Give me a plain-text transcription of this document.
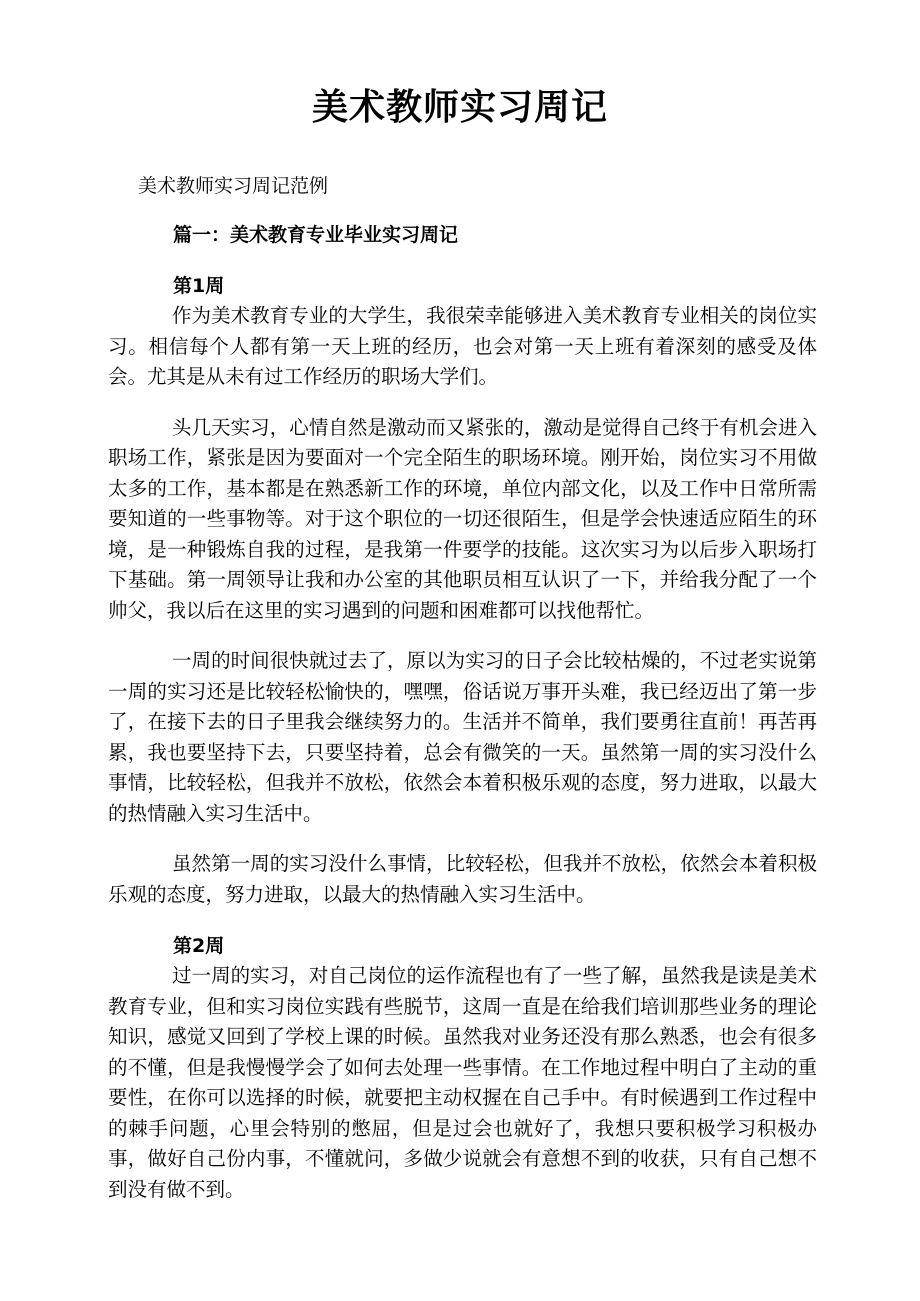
美术教师实习周记
美术教师实习周记范例
篇一：美术教育专业毕业实习周记
第1周

作为美术教育专业的大学生，我很荣幸能够进入美术教育专业相关的岗位实习。相信每个人都有第一天上班的经历，也会对第一天上班有着深刻的感受及体会。尤其是从未有过工作经历的职场大学们。

头几天实习，心情自然是激动而又紧张的，激动是觉得自己终于有机会进入职场工作，紧张是因为要面对一个完全陌生的职场环境。刚开始，岗位实习不用做太多的工作，基本都是在熟悉新工作的环境，单位内部文化，以及工作中日常所需要知道的一些事物等。对于这个职位的一切还很陌生，但是学会快速适应陌生的环境，是一种锻炼自我的过程，是我第一件要学的技能。这次实习为以后步入职场打下基础。第一周领导让我和办公室的其他职员相互认识了一下，并给我分配了一个帅父，我以后在这里的实习遇到的问题和困难都可以找他帮忙。

一周的时间很快就过去了，原以为实习的日子会比较枯燥的，不过老实说第一周的实习还是比较轻松愉快的，嘿嘿，俗话说万事开头难，我已经迈出了第一步了，在接下去的日子里我会继续努力的。生活并不简单，我们要勇往直前！再苦再累，我也要坚持下去，只要坚持着，总会有微笑的一天。虽然第一周的实习没什么事情，比较轻松，但我并不放松，依然会本着积极乐观的态度，努力进取，以最大的热情融入实习生活中。

虽然第一周的实习没什么事情，比较轻松，但我并不放松，依然会本着积极乐观的态度，努力进取，以最大的热情融入实习生活中。

第2周

过一周的实习，对自己岗位的运作流程也有了一些了解，虽然我是读是美术教育专业，但和实习岗位实践有些脱节，这周一直是在给我们培训那些业务的理论知识，感觉又回到了学校上课的时候。虽然我对业务还没有那么熟悉，也会有很多的不懂，但是我慢慢学会了如何去处理一些事情。在工作地过程中明白了主动的重要性，在你可以选择的时候，就要把主动权握在自己手中。有时候遇到工作过程中的棘手问题，心里会特别的憋屈，但是过会也就好了，我想只要积极学习积极办事，做好自己份内事，不懂就问，多做少说就会有意想不到的收获，只有自己想不到没有做不到。
